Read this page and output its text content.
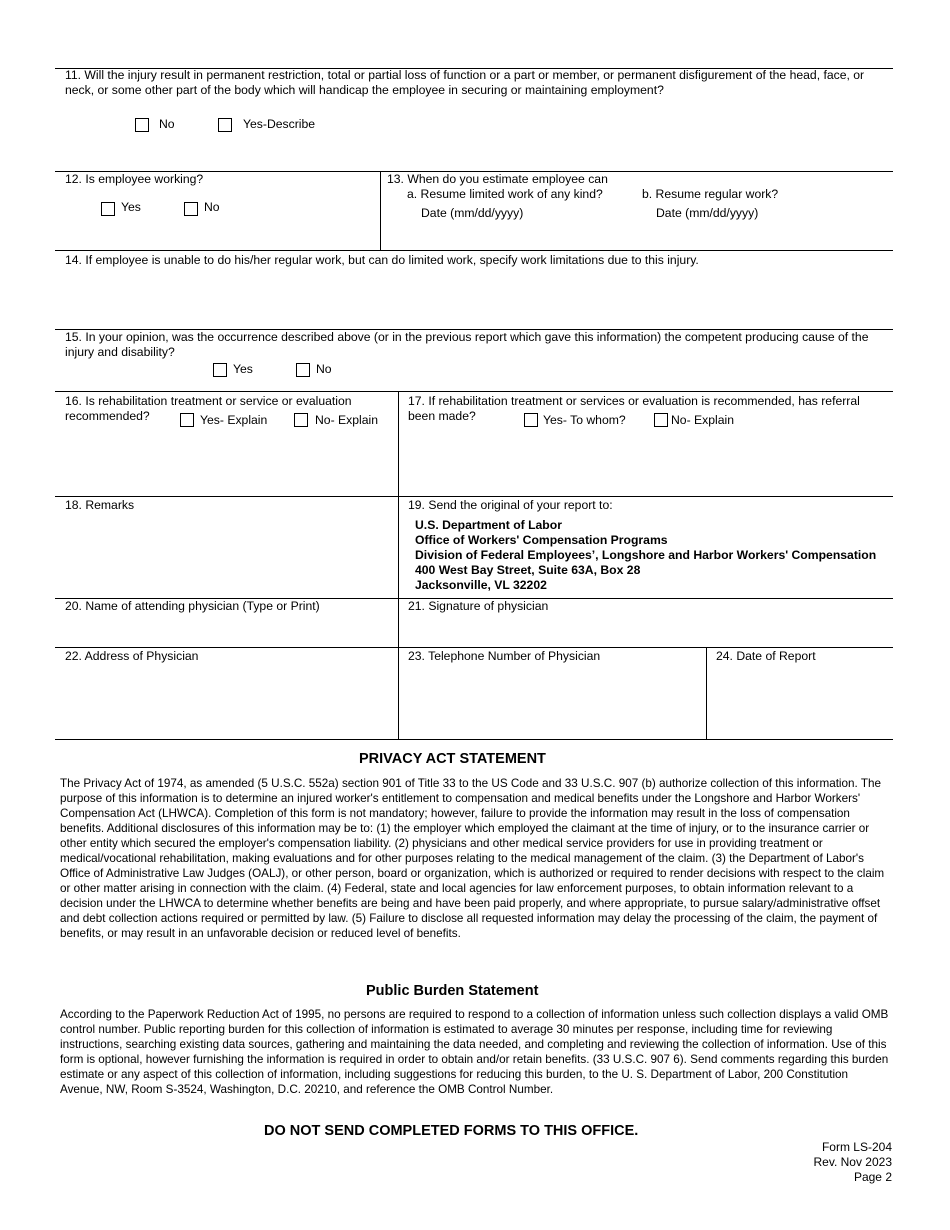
11. Will the injury result in permanent restriction, total or partial loss of function or a part or member, or permanent disfigurement of the head, face, or neck, or some other part of the body which will handicap the employee in securing or maintaining employment?
No	Yes-Describe
12. Is employee working?
Yes	No
13. When do you estimate employee can
a. Resume limited work of any kind?	b. Resume regular work?
Date (mm/dd/yyyy)	Date (mm/dd/yyyy)
14. If employee is unable to do his/her regular work, but can do limited work, specify work limitations due to this injury.
15. In your opinion, was the occurrence described above (or in the previous report which gave this information) the competent producing cause of the injury and disability?
Yes	No
16. Is rehabilitation treatment or service or evaluation
recommended?	Yes- Explain	No- Explain
17. If rehabilitation treatment or services or evaluation is recommended, has referral
been made?	Yes- To whom?	No- Explain
18. Remarks	19. Send the original of your report to:
U.S. Department of Labor
Office of Workers' Compensation Programs
Division of Federal Employees’, Longshore and Harbor Workers' Compensation
400 West Bay Street, Suite 63A, Box 28
Jacksonville, VL 32202
20. Name of attending physician (Type or Print)	21. Signature of physician
22. Address of Physician	23. Telephone Number of Physician	24. Date of Report
PRIVACY ACT STATEMENT
The Privacy Act of 1974, as amended (5 U.S.C. 552a) section 901 of Title 33 to the US Code and 33 U.S.C. 907 (b) authorize collection of this information. The purpose of this information is to determine an injured worker's entitlement to compensation and medical benefits under the Longshore and Harbor Workers' Compensation Act (LHWCA). Completion of this form is not mandatory; however, failure to provide the information may result in the loss of compensation benefits. Additional disclosures of this information may be to: (1) the employer which employed the claimant at the time of injury, or to the insurance carrier or other entity which secured the employer's compensation liability. (2) physicians and other medical service providers for use in providing treatment or medical/vocational rehabilitation, making evaluations and for other purposes relating to the medical management of the claim. (3) the Department of Labor's Office of Administrative Law Judges (OALJ), or other person, board or organization, which is authorized or required to render decisions with respect to the claim or other matter arising in connection with the claim. (4) Federal, state and local agencies for law enforcement purposes, to obtain information relevant to a decision under the LHWCA to determine whether benefits are being and have been paid properly, and where appropriate, to pursue salary/administrative offset and debt collection actions required or permitted by law. (5) Failure to disclose all requested information may delay the processing of the claim, the payment of benefits, or may result in an unfavorable decision or reduced level of benefits.
Public Burden Statement
According to the Paperwork Reduction Act of 1995, no persons are required to respond to a collection of information unless such collection displays a valid OMB control number. Public reporting burden for this collection of information is estimated to average 30 minutes per response, including time for reviewing instructions, searching existing data sources, gathering and maintaining the data needed, and completing and reviewing the collection of information. Use of this form is optional, however furnishing the information is required in order to obtain and/or retain benefits. (33 U.S.C. 907 6). Send comments regarding this burden estimate or any aspect of this collection of information, including suggestions for reducing this burden, to the U. S. Department of Labor, 200 Constitution Avenue, NW, Room S-3524, Washington, D.C. 20210, and reference the OMB Control Number.
DO NOT SEND COMPLETED FORMS TO THIS OFFICE.
Form LS-204
Rev. Nov 2023
Page 2
